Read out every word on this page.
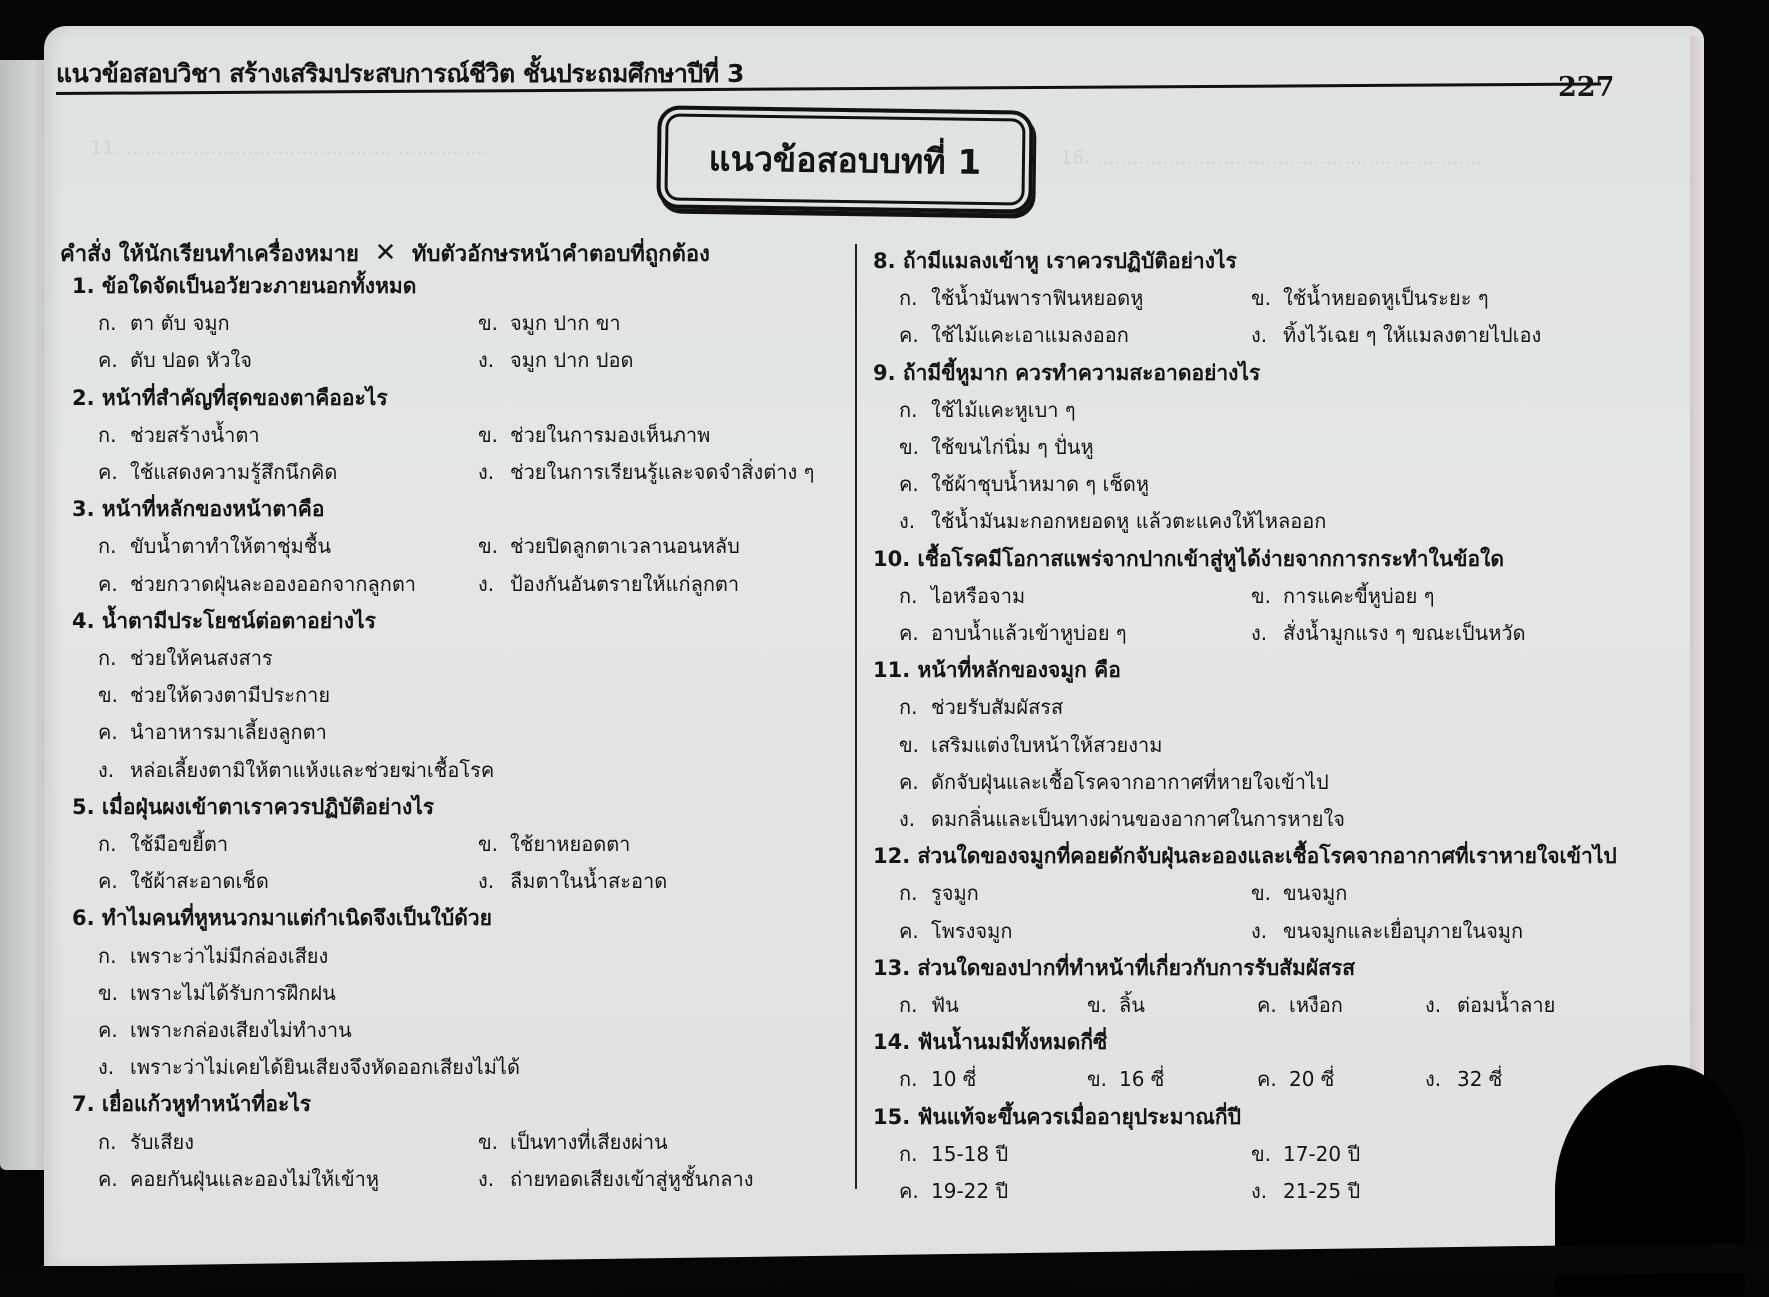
แนวข้อสอบวิชา สร้างเสริมประสบการณ์ชีวิต ชั้นประถมศึกษาปีที่ 3	227
แนวข้อสอบบทที่ 1
คำสั่ง ให้นักเรียนทำเครื่องหมาย ✕ ทับตัวอักษรหน้าคำตอบที่ถูกต้อง
1. ข้อใดจัดเป็นอวัยวะภายนอกทั้งหมด
ก. ตา ตับ จมูก	ข. จมูก ปาก ขา
ค. ตับ ปอด หัวใจ	ง. จมูก ปาก ปอด
2. หน้าที่สำคัญที่สุดของตาคืออะไร
ก. ช่วยสร้างน้ำตา	ข. ช่วยในการมองเห็นภาพ
ค. ใช้แสดงความรู้สึกนึกคิด	ง. ช่วยในการเรียนรู้และจดจำสิ่งต่าง ๆ
3. หน้าที่หลักของหน้าตาคือ
ก. ขับน้ำตาทำให้ตาชุ่มชื้น	ข. ช่วยปิดลูกตาเวลานอนหลับ
ค. ช่วยกวาดฝุ่นละอองออกจากลูกตา	ง. ป้องกันอันตรายให้แก่ลูกตา
4. น้ำตามีประโยชน์ต่อตาอย่างไร
ก. ช่วยให้คนสงสาร
ข. ช่วยให้ดวงตามีประกาย
ค. นำอาหารมาเลี้ยงลูกตา
ง. หล่อเลี้ยงตามิให้ตาแห้งและช่วยฆ่าเชื้อโรค
5. เมื่อฝุ่นผงเข้าตาเราควรปฏิบัติอย่างไร
ก. ใช้มือขยี้ตา	ข. ใช้ยาหยอดตา
ค. ใช้ผ้าสะอาดเช็ด	ง. ลืมตาในน้ำสะอาด
6. ทำไมคนที่หูหนวกมาแต่กำเนิดจึงเป็นใบ้ด้วย
ก. เพราะว่าไม่มีกล่องเสียง
ข. เพราะไม่ได้รับการฝึกฝน
ค. เพราะกล่องเสียงไม่ทำงาน
ง. เพราะว่าไม่เคยได้ยินเสียงจึงหัดออกเสียงไม่ได้
7. เยื่อแก้วหูทำหน้าที่อะไร
ก. รับเสียง	ข. เป็นทางที่เสียงผ่าน
ค. คอยกันฝุ่นและอองไม่ให้เข้าหู	ง. ถ่ายทอดเสียงเข้าสู่หูชั้นกลาง
8. ถ้ามีแมลงเข้าหู เราควรปฏิบัติอย่างไร
ก. ใช้น้ำมันพาราฟินหยอดหู	ข. ใช้น้ำหยอดหูเป็นระยะ ๆ
ค. ใช้ไม้แคะเอาแมลงออก	ง. ทิ้งไว้เฉย ๆ ให้แมลงตายไปเอง
9. ถ้ามีขี้หูมาก ควรทำความสะอาดอย่างไร
ก. ใช้ไม้แคะหูเบา ๆ
ข. ใช้ขนไก่นิ่ม ๆ ปั่นหู
ค. ใช้ผ้าชุบน้ำหมาด ๆ เช็ดหู
ง. ใช้น้ำมันมะกอกหยอดหู แล้วตะแคงให้ไหลออก
10. เชื้อโรคมีโอกาสแพร่จากปากเข้าสู่หูได้ง่ายจากการกระทำในข้อใด
ก. ไอหรือจาม	ข. การแคะขี้หูบ่อย ๆ
ค. อาบน้ำแล้วเข้าหูบ่อย ๆ	ง. สั่งน้ำมูกแรง ๆ ขณะเป็นหวัด
11. หน้าที่หลักของจมูก คือ
ก. ช่วยรับสัมผัสรส
ข. เสริมแต่งใบหน้าให้สวยงาม
ค. ดักจับฝุ่นและเชื้อโรคจากอากาศที่หายใจเข้าไป
ง. ดมกลิ่นและเป็นทางผ่านของอากาศในการหายใจ
12. ส่วนใดของจมูกที่คอยดักจับฝุ่นละอองและเชื้อโรคจากอากาศที่เราหายใจเข้าไป
ก. รูจมูก	ข. ขนจมูก
ค. โพรงจมูก	ง. ขนจมูกและเยื่อบุภายในจมูก
13. ส่วนใดของปากที่ทำหน้าที่เกี่ยวกับการรับสัมผัสรส
ก. ฟัน	ข. ลิ้น	ค. เหงือก	ง. ต่อมน้ำลาย
14. ฟันน้ำนมมีทั้งหมดกี่ซี่
ก. 10 ซี่	ข. 16 ซี่	ค. 20 ซี่	ง. 32 ซี่
15. ฟันแท้จะขึ้นควรเมื่ออายุประมาณกี่ปี
ก. 15-18 ปี	ข. 17-20 ปี
ค. 19-22 ปี	ง. 21-25 ปี
